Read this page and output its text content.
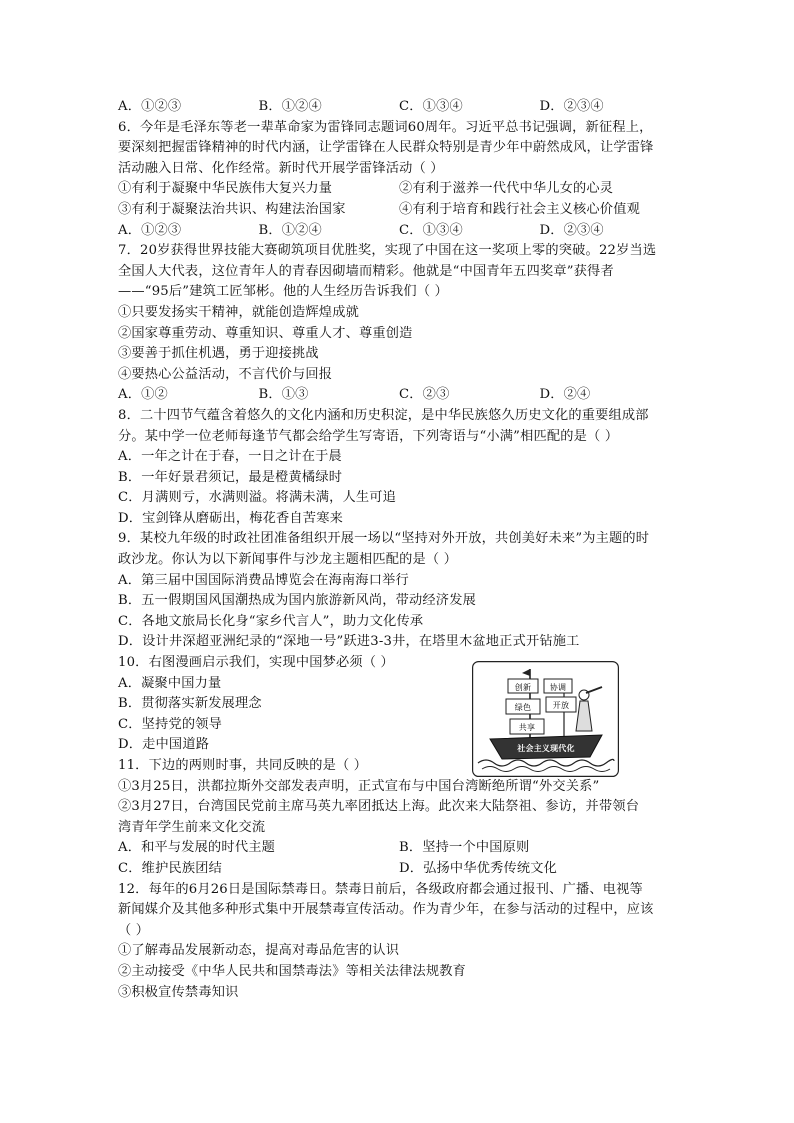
A．①②③	B．①②④	C．①③④	D．②③④
6．今年是毛泽东等老一辈革命家为雷锋同志题词60周年。习近平总书记强调，新征程上，
要深刻把握雷锋精神的时代内涵，让学雷锋在人民群众特别是青少年中蔚然成风，让学雷锋
活动融入日常、化作经常。新时代开展学雷锋活动（ ）
①有利于凝聚中华民族伟大复兴力量	②有利于滋养一代代中华儿女的心灵
③有利于凝聚法治共识、构建法治国家	④有利于培育和践行社会主义核心价值观
A．①②③	B．①②④	C．①③④	D．②③④
7．20岁获得世界技能大赛砌筑项目优胜奖，实现了中国在这一奖项上零的突破。22岁当选
全国人大代表，这位青年人的青春因砌墙而精彩。他就是“中国青年五四奖章”获得者
——“95后”建筑工匠邹彬。他的人生经历告诉我们（ ）
①只要发扬实干精神，就能创造辉煌成就
②国家尊重劳动、尊重知识、尊重人才、尊重创造
③要善于抓住机遇，勇于迎接挑战
④要热心公益活动，不言代价与回报
A．①②	B．①③	C．②③	D．②④
8．二十四节气蕴含着悠久的文化内涵和历史积淀，是中华民族悠久历史文化的重要组成部
分。某中学一位老师每逢节气都会给学生写寄语，下列寄语与“小满”相匹配的是（ ）
A．一年之计在于春，一日之计在于晨
B．一年好景君须记，最是橙黄橘绿时
C．月满则亏，水满则溢。将满未满，人生可追
D．宝剑锋从磨砺出，梅花香自苦寒来
9．某校九年级的时政社团准备组织开展一场以“坚持对外开放，共创美好未来”为主题的时
政沙龙。你认为以下新闻事件与沙龙主题相匹配的是（ ）
A．第三届中国国际消费品博览会在海南海口举行
B．五一假期国风国潮热成为国内旅游新风尚，带动经济发展
C．各地文旅局长化身“家乡代言人”，助力文化传承
D．设计井深超亚洲纪录的“深地一号”跃进3-3井，在塔里木盆地正式开钻施工
10．右图漫画启示我们，实现中国梦必须（ ）
A．凝聚中国力量
B．贯彻落实新发展理念
C．坚持党的领导
D．走中国道路
11．下边的两则时事，共同反映的是（ ）
①3月25日，洪都拉斯外交部发表声明，正式宣布与中国台湾断绝所谓“外交关系”
②3月27日，台湾国民党前主席马英九率团抵达上海。此次来大陆祭祖、参访，并带领台
湾青年学生前来文化交流
A．和平与发展的时代主题	B．坚持一个中国原则
C．维护民族团结	D．弘扬中华优秀传统文化
12．每年的6月26日是国际禁毒日。禁毒日前后，各级政府都会通过报刊、广播、电视等
新闻媒介及其他多种形式集中开展禁毒宣传活动。作为青少年，在参与活动的过程中，应该
（ ）
①了解毒品发展新动态，提高对毒品危害的认识
②主动接受《中华人民共和国禁毒法》等相关法律法规教育
③积极宣传禁毒知识
创新 协调
绿色	开放
共享
社会主义现代化
